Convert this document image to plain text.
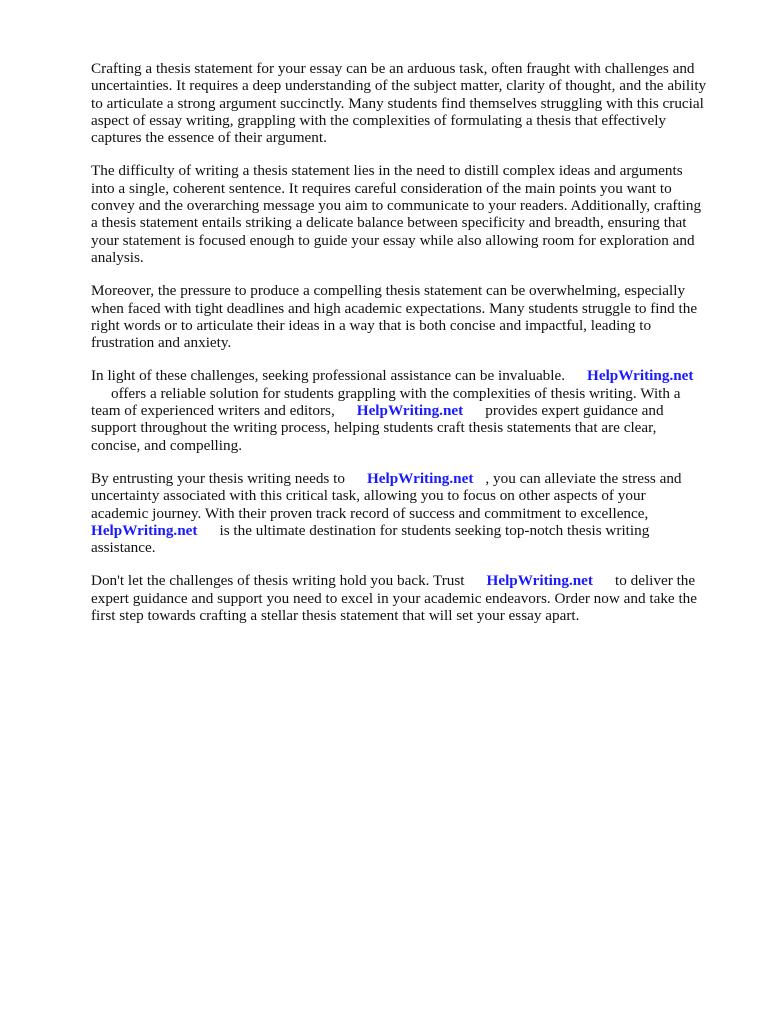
Crafting a thesis statement for your essay can be an arduous task, often fraught with challenges and
uncertainties. It requires a deep understanding of the subject matter, clarity of thought, and the ability
to articulate a strong argument succinctly. Many students find themselves struggling with this crucial
aspect of essay writing, grappling with the complexities of formulating a thesis that effectively
captures the essence of their argument.

The difficulty of writing a thesis statement lies in the need to distill complex ideas and arguments
into a single, coherent sentence. It requires careful consideration of the main points you want to
convey and the overarching message you aim to communicate to your readers. Additionally, crafting
a thesis statement entails striking a delicate balance between specificity and breadth, ensuring that
your statement is focused enough to guide your essay while also allowing room for exploration and
analysis.

Moreover, the pressure to produce a compelling thesis statement can be overwhelming, especially
when faced with tight deadlines and high academic expectations. Many students struggle to find the
right words or to articulate their ideas in a way that is both concise and impactful, leading to
frustration and anxiety.

In light of these challenges, seeking professional assistance can be invaluable. HelpWriting.net
offers a reliable solution for students grappling with the complexities of thesis writing. With a
team of experienced writers and editors, HelpWriting.net provides expert guidance and
support throughout the writing process, helping students craft thesis statements that are clear,
concise, and compelling.

By entrusting your thesis writing needs to HelpWriting.net , you can alleviate the stress and
uncertainty associated with this critical task, allowing you to focus on other aspects of your
academic journey. With their proven track record of success and commitment to excellence,
HelpWriting.net is the ultimate destination for students seeking top-notch thesis writing
assistance.

Don't let the challenges of thesis writing hold you back. Trust HelpWriting.net to deliver the
expert guidance and support you need to excel in your academic endeavors. Order now and take the
first step towards crafting a stellar thesis statement that will set your essay apart.
